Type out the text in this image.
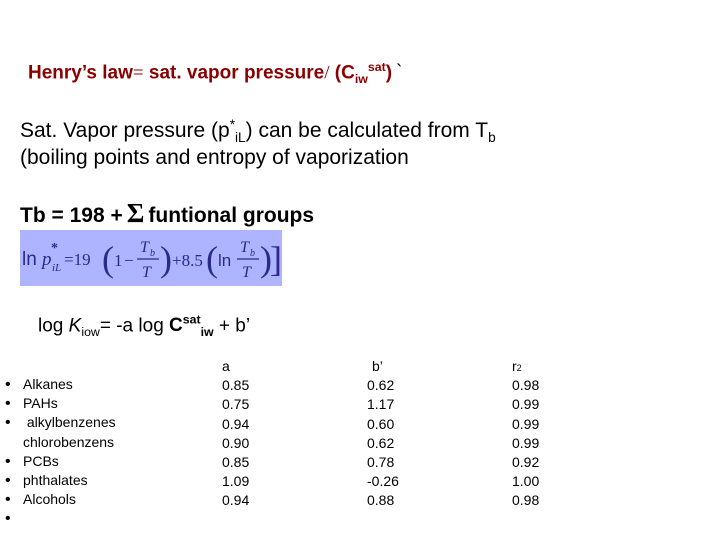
Henry’s law= sat. vapor pressure/ $(C_{iw}^{sat})$ `
Sat. Vapor pressure $(p^*_{iL})$ can be calculated from $T_b$
(boiling points and entropy of vaporization
Tb = 198 + Σ funtional groups
ln p
*
iL =19 ( 1 −
T b
T ) +8.5 ( ln
T b
T )
]
$\log K_{iow}= -a$ $\log C^{sat}_{iw} + b$’
• Alkanes
• PAHs
• alkylbenzenes
chlorobenzens
• PCBs
• phthalates
• Alcohols
•
a
0.85
0.75
0.94
0.90
0.85
1.09
0.94
b’
0.62
1.17
0.60
0.62
0.78
-0.26
0.88
r2
0.98
0.99
0.99
0.99
0.92
1.00
0.98
